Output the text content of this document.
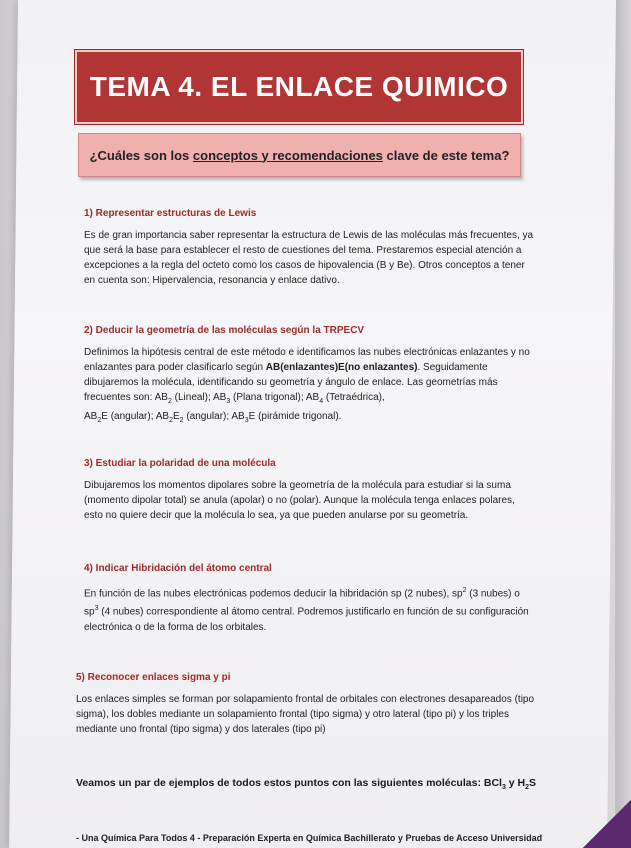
TEMA 4. EL ENLACE QUIMICO
¿Cuáles son los conceptos y recomendaciones clave de este tema?
1) Representar estructuras de Lewis

Es de gran importancia saber representar la estructura de Lewis de las moléculas más frecuentes, ya que será la base para establecer el resto de cuestiones del tema. Prestaremos especial atención a excepciones a la regla del octeto como los casos de hipovalencia (B y Be). Otros conceptos a tener en cuenta son: Hipervalencia, resonancia y enlace dativo.

2) Deducir la geometría de las moléculas según la TRPECV

Definimos la hipótesis central de este método e identificamos las nubes electrónicas enlazantes y no enlazantes para poder clasificarlo según AB(enlazantes)E(no enlazantes). Seguidamente dibujaremos la molécula, identificando su geometría y ángulo de enlace. Las geometrías más frecuentes son: $AB_2$ (Lineal); $AB_3$ (Plana trigonal); $AB_4$ (Tetraédrica),
$AB_2E$ (angular); $AB_2E_2$ (angular); $AB_3E$ (pirámide trigonal).

3) Estudiar la polaridad de una molécula

Dibujaremos los momentos dipolares sobre la geometría de la molécula para estudiar si la suma (momento dipolar total) se anula (apolar) o no (polar). Aunque la molécula tenga enlaces polares, esto no quiere decir que la molécula lo sea, ya que pueden anularse por su geometría.

4) Indicar Hibridación del átomo central

En función de las nubes electrónicas podemos deducir la hibridación sp (2 nubes), $sp^2$ (3 nubes) o $sp^3$ (4 nubes) correspondiente al átomo central. Podremos justificarlo en función de su configuración electrónica o de la forma de los orbitales.

5) Reconocer enlaces sigma y pi

Los enlaces simples se forman por solapamiento frontal de orbitales con electrones desapareados (tipo sigma), los dobles mediante un solapamiento frontal (tipo sigma) y otro lateral (tipo pi) y los triples mediante uno frontal (tipo sigma) y dos laterales (tipo pi)

Veamos un par de ejemplos de todos estos puntos con las siguientes moléculas: BCl$_3$ y $H_2S$
- Una Química Para Todos 4 - Preparación Experta en Química Bachillerato y Pruebas de Acceso Universidad
